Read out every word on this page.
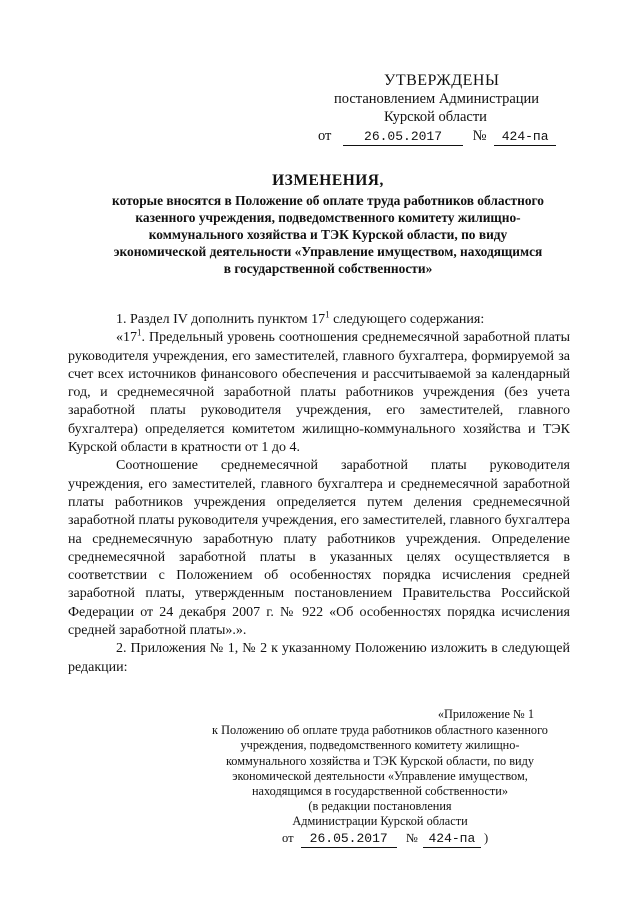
УТВЕРЖДЕНЫ
постановлением Администрации
Курской области
от	26.05.2017 № 424-па
ИЗМЕНЕНИЯ,
которые вносятся в Положение об оплате труда работников областного
казенного учреждения, подведомственного комитету жилищно-
коммунального хозяйства и ТЭК Курской области, по виду
экономической деятельности «Управление имуществом, находящимся
в государственной собственности»

1. Раздел IV дополнить пунктом $17^1$ следующего содержания:

«$17^1$. Предельный уровень соотношения среднемесячной заработной платы руководителя учреждения, его заместителей, главного бухгалтера, формируемой за счет всех источников финансового обеспечения и рассчитываемой за календарный год, и среднемесячной заработной платы работников учреждения (без учета заработной платы руководителя учреждения, его заместителей, главного бухгалтера) определяется комитетом жилищно-коммунального хозяйства и ТЭК Курской области в кратности от 1 до 4.

Соотношение среднемесячной заработной платы руководителя учреждения, его заместителей, главного бухгалтера и среднемесячной заработной платы работников учреждения определяется путем деления среднемесячной заработной платы руководителя учреждения, его заместителей, главного бухгалтера на среднемесячную заработную плату работников учреждения. Определение среднемесячной заработной платы в указанных целях осуществляется в соответствии с Положением об особенностях порядка исчисления средней заработной платы, утвержденным постановлением Правительства Российской Федерации от 24 декабря 2007 г. № 922 «Об особенностях порядка исчисления средней заработной платы».».

2. Приложения № 1, № 2 к указанному Положению изложить в следующей редакции:

«Приложение № 1
к Положению об оплате труда работников областного казенного
учреждения, подведомственного комитету жилищно-
коммунального хозяйства и ТЭК Курской области, по виду
экономической деятельности «Управление имуществом,
находящимся в государственной собственности»
(в редакции постановления
Администрации Курской области
от 26.05.2017 № 424-па )
